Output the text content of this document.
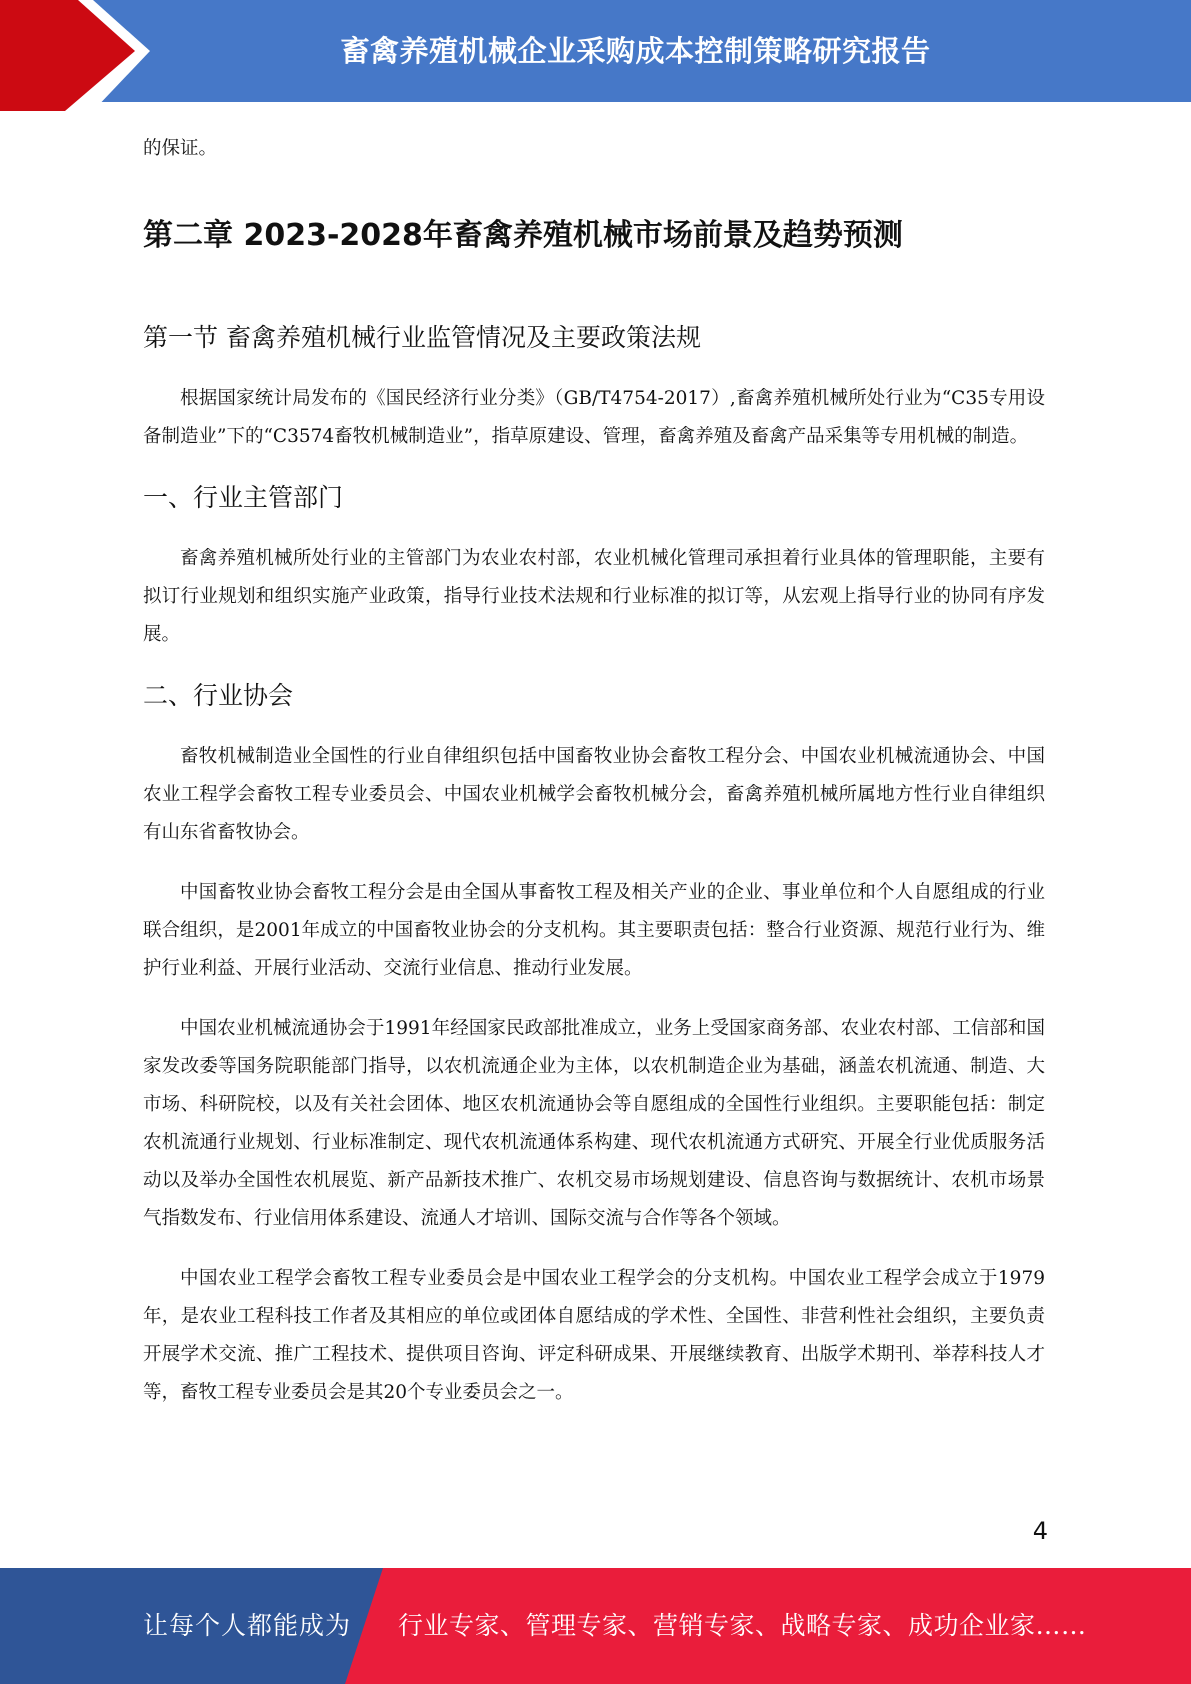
畜禽养殖机械企业采购成本控制策略研究报告

的保证。

第二章 2023-2028年畜禽养殖机械市场前景及趋势预测
第一节 畜禽养殖机械行业监管情况及主要政策法规

根据国家统计局发布的《国民经济行业分类》（GB/T4754-2017）,畜禽养殖机械所处行业为“C35专用设备制造业”下的“C3574畜牧机械制造业”，指草原建设、管理，畜禽养殖及畜禽产品采集等专用机械的制造。

一、行业主管部门

畜禽养殖机械所处行业的主管部门为农业农村部，农业机械化管理司承担着行业具体的管理职能，主要有拟订行业规划和组织实施产业政策，指导行业技术法规和行业标准的拟订等，从宏观上指导行业的协同有序发展。

二、行业协会

畜牧机械制造业全国性的行业自律组织包括中国畜牧业协会畜牧工程分会、中国农业机械流通协会、中国农业工程学会畜牧工程专业委员会、中国农业机械学会畜牧机械分会，畜禽养殖机械所属地方性行业自律组织有山东省畜牧协会。

中国畜牧业协会畜牧工程分会是由全国从事畜牧工程及相关产业的企业、事业单位和个人自愿组成的行业联合组织，是2001年成立的中国畜牧业协会的分支机构。其主要职责包括：整合行业资源、规范行业行为、维护行业利益、开展行业活动、交流行业信息、推动行业发展。

中国农业机械流通协会于1991年经国家民政部批准成立，业务上受国家商务部、农业农村部、工信部和国家发改委等国务院职能部门指导，以农机流通企业为主体，以农机制造企业为基础，涵盖农机流通、制造、大市场、科研院校，以及有关社会团体、地区农机流通协会等自愿组成的全国性行业组织。主要职能包括：制定农机流通行业规划、行业标准制定、现代农机流通体系构建、现代农机流通方式研究、开展全行业优质服务活动以及举办全国性农机展览、新产品新技术推广、农机交易市场规划建设、信息咨询与数据统计、农机市场景气指数发布、行业信用体系建设、流通人才培训、国际交流与合作等各个领域。

中国农业工程学会畜牧工程专业委员会是中国农业工程学会的分支机构。中国农业工程学会成立于1979年，是农业工程科技工作者及其相应的单位或团体自愿结成的学术性、全国性、非营利性社会组织，主要负责开展学术交流、推广工程技术、提供项目咨询、评定科研成果、开展继续教育、出版学术期刊、举荐科技人才等，畜牧工程专业委员会是其20个专业委员会之一。

4
让每个人都能成为 行业专家、管理专家、营销专家、战略专家、成功企业家……
